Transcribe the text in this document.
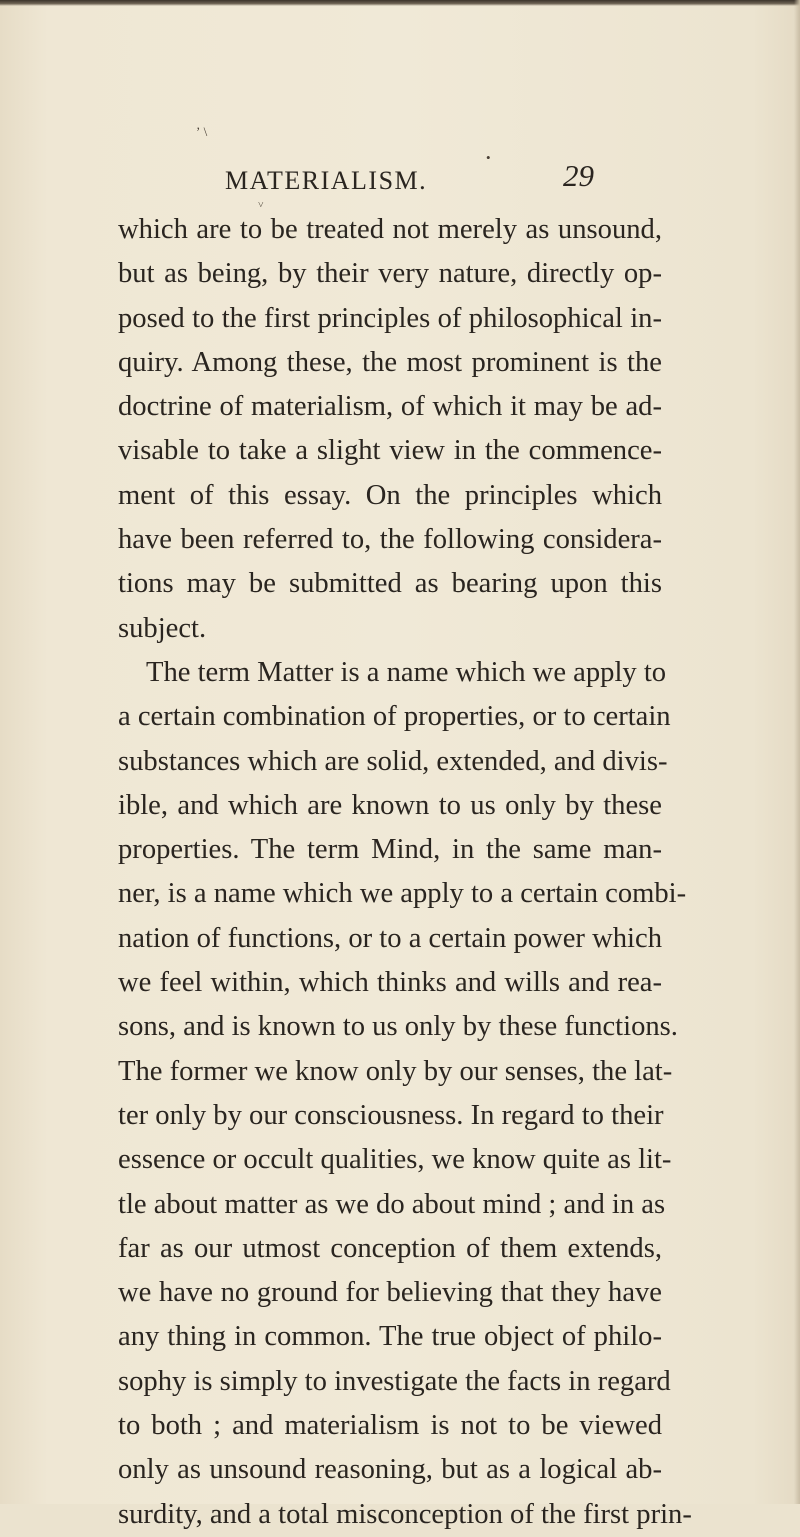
ʼ \
•
˅
MATERIALISM.	29
which are to be treated not merely as unsound,
but as being, by their very nature, directly op-
posed to the first principles of philosophical in-
quiry. Among these, the most prominent is the
doctrine of materialism, of which it may be ad-
visable to take a slight view in the commence-
ment of this essay. On the principles which
have been referred to, the following considera-
tions may be submitted as bearing upon this
subject.
The term Matter is a name which we apply to
a certain combination of properties, or to certain
substances which are solid, extended, and divis-
ible, and which are known to us only by these
properties. The term Mind, in the same man-
ner, is a name which we apply to a certain combi-
nation of functions, or to a certain power which
we feel within, which thinks and wills and rea-
sons, and is known to us only by these functions.
The former we know only by our senses, the lat-
ter only by our consciousness. In regard to their
essence or occult qualities, we know quite as lit-
tle about matter as we do about mind ; and in as
far as our utmost conception of them extends,
we have no ground for believing that they have
any thing in common. The true object of philo-
sophy is simply to investigate the facts in regard
to both ; and materialism is not to be viewed
only as unsound reasoning, but as a logical ab-
surdity, and a total misconception of the first prin-
